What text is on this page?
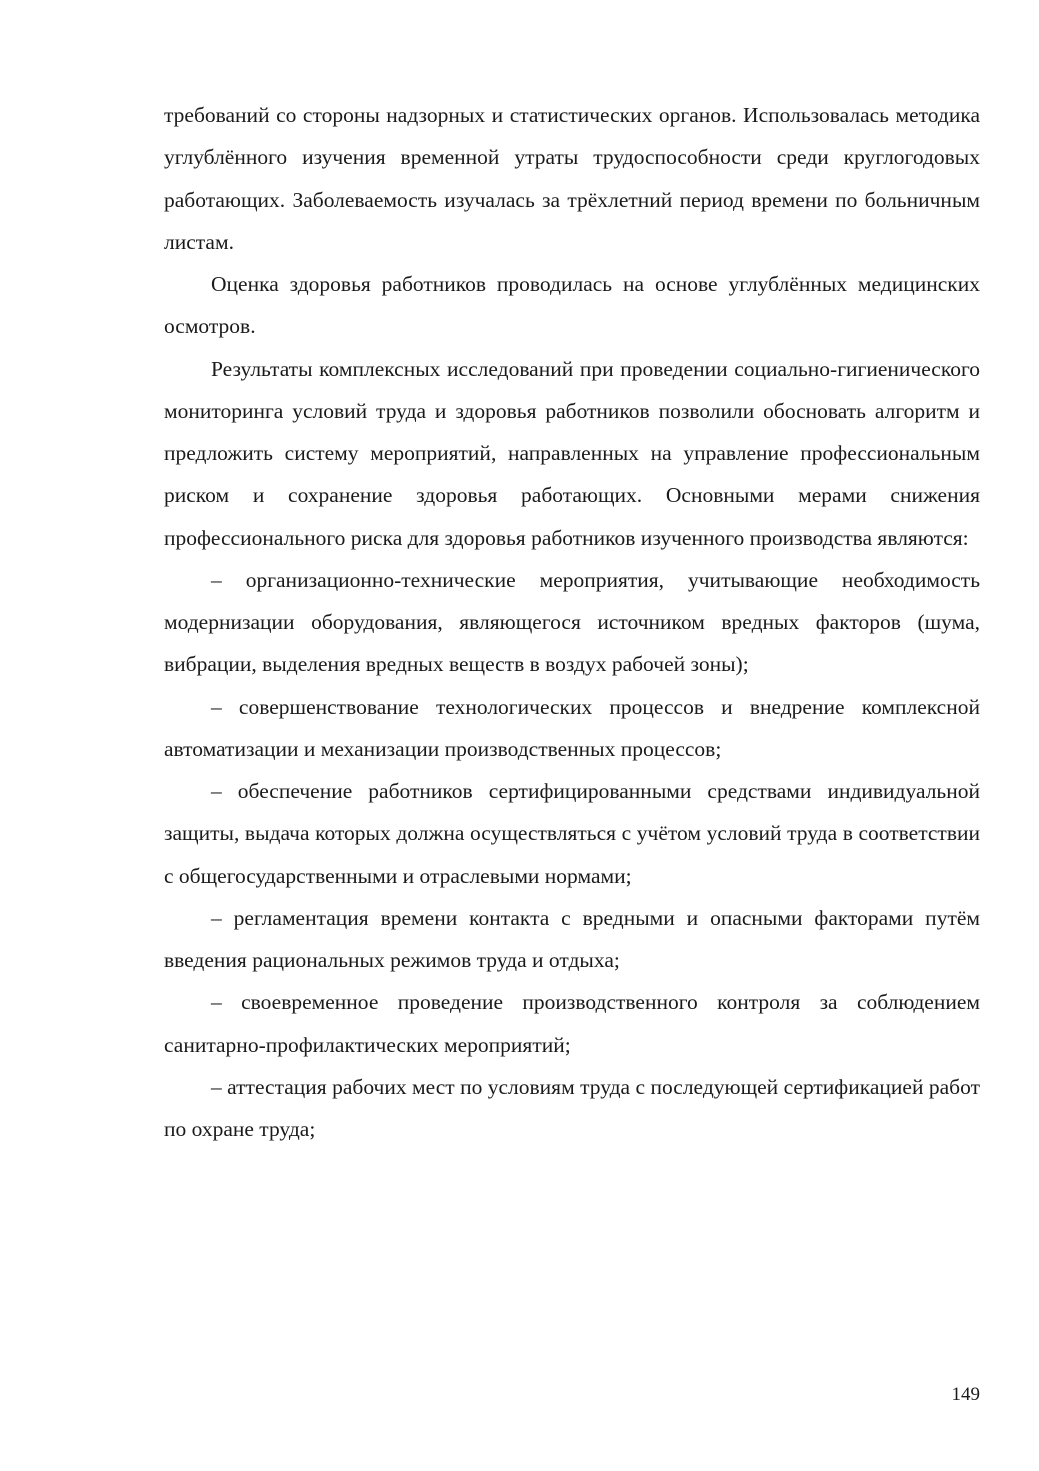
требований со стороны надзорных и статистических органов. Использовалась методика углублённого изучения временной утраты трудоспособности среди круглогодовых работающих. Заболеваемость изучалась за трёхлетний период времени по больничным листам.

Оценка здоровья работников проводилась на основе углублённых медицинских осмотров.

Результаты комплексных исследований при проведении социально-гигиенического мониторинга условий труда и здоровья работников позволили обосновать алгоритм и предложить систему мероприятий, направленных на управление профессиональным риском и сохранение здоровья работающих. Основными мерами снижения профессионального риска для здоровья работников изученного производства являются:

– организационно-технические мероприятия, учитывающие необходимость модернизации оборудования, являющегося источником вредных факторов (шума, вибрации, выделения вредных веществ в воздух рабочей зоны);

– совершенствование технологических процессов и внедрение комплексной автоматизации и механизации производственных процессов;

– обеспечение работников сертифицированными средствами индивидуальной защиты, выдача которых должна осуществляться с учётом условий труда в соответствии с общегосударственными и отраслевыми нормами;

– регламентация времени контакта с вредными и опасными факторами путём введения рациональных режимов труда и отдыха;

– своевременное проведение производственного контроля за соблюдением санитарно-профилактических мероприятий;

– аттестация рабочих мест по условиям труда с последующей сертификацией работ по охране труда;

149
